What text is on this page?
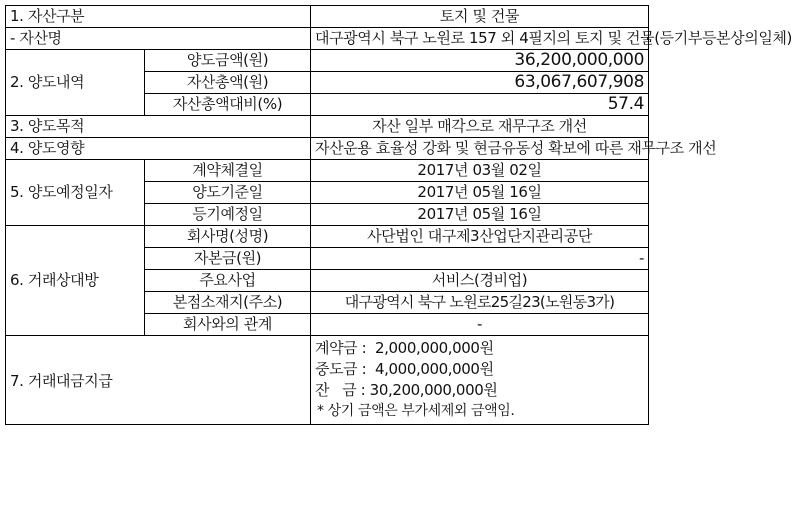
1. 자산구분		토지 및 건물
- 자산명		대구광역시 북구 노원로 157 외 4필지의 토지 및 건물(등기부등본상의일체)
2. 양도내역	양도금액(원)	36,200,000,000
	자산총액(원)	63,067,607,908
	자산총액대비(%)	57.4
3. 양도목적		자산 일부 매각으로 재무구조 개선
4. 양도영향		자산운용 효율성 강화 및 현금유동성 확보에 따른 재무구조 개선
5. 양도예정일자	계약체결일	2017년 03월 02일
	양도기준일	2017년 05월 16일
	등기예정일	2017년 05월 16일
6. 거래상대방	회사명(성명)	사단법인 대구제3산업단지관리공단
	자본금(원)	-
	주요사업	서비스(경비업)
	본점소재지(주소)	대구광역시 북구 노원로25길23(노원동3가)
	회사와의 관계	-
7. 거래대금지급		계약금 :  2,000,000,000원
중도금 :  4,000,000,000원
잔   금 : 30,200,000,000원
* 상기 금액은 부가세제외 금액임.
